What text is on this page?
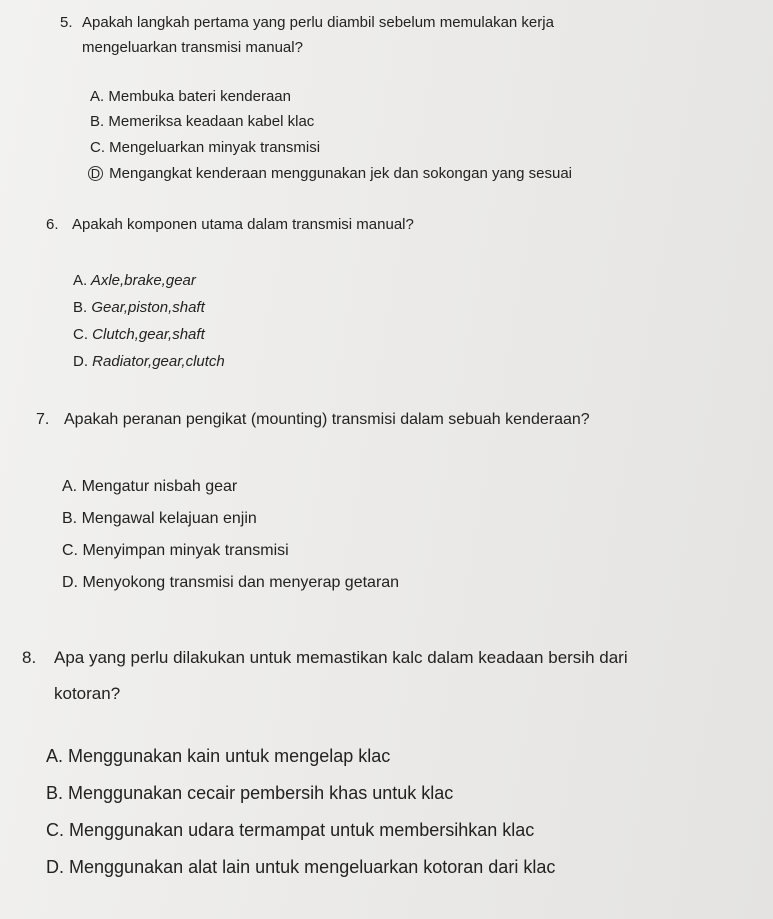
5. Apakah langkah pertama yang perlu diambil sebelum memulakan kerja
mengeluarkan transmisi manual?
A. Membuka bateri kenderaan
B. Memeriksa keadaan kabel klac
C. Mengeluarkan minyak transmisi
D Mengangkat kenderaan menggunakan jek dan sokongan yang sesuai
6. Apakah komponen utama dalam transmisi manual?
A. Axle,brake,gear
B. Gear,piston,shaft
C. Clutch,gear,shaft
D. Radiator,gear,clutch
7. Apakah peranan pengikat (mounting) transmisi dalam sebuah kenderaan?
A. Mengatur nisbah gear
B. Mengawal kelajuan enjin
C. Menyimpan minyak transmisi
D. Menyokong transmisi dan menyerap getaran
8. Apa yang perlu dilakukan untuk memastikan kalc dalam keadaan bersih dari
kotoran?
A. Menggunakan kain untuk mengelap klac
B. Menggunakan cecair pembersih khas untuk klac
C. Menggunakan udara termampat untuk membersihkan klac
D. Menggunakan alat lain untuk mengeluarkan kotoran dari klac
